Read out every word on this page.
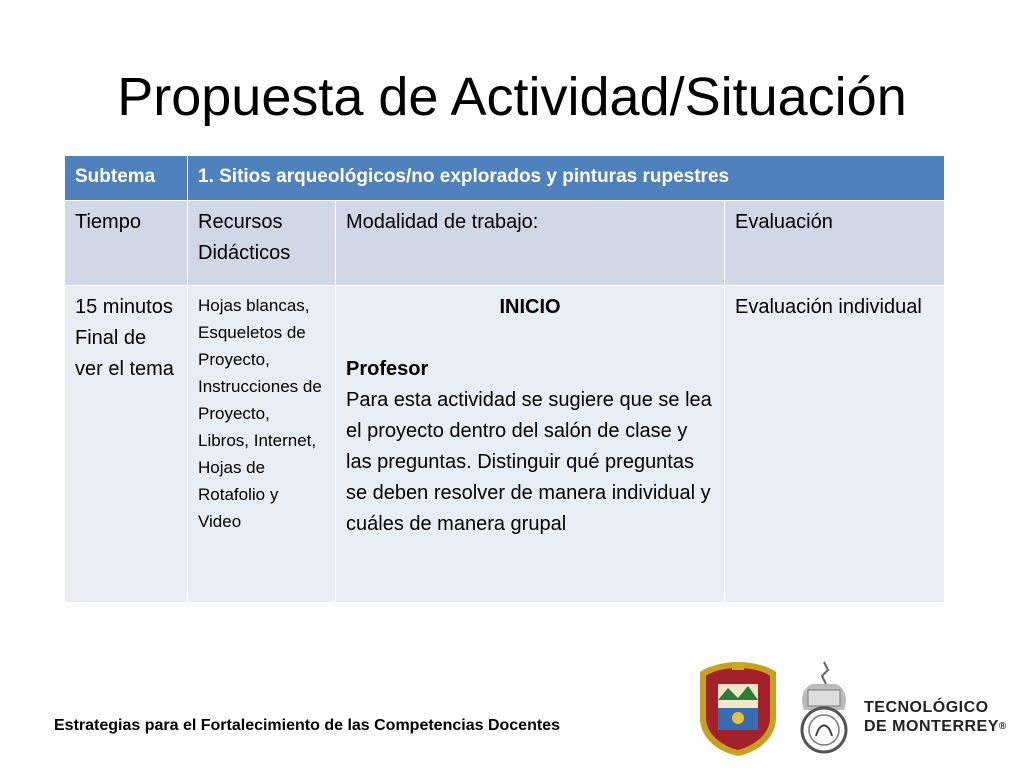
Propuesta de Actividad/Situación
Subtema	1. Sitios arqueológicos/no explorados y pinturas rupestres		
Tiempo	Recursos Didácticos	Modalidad de trabajo:	Evaluación
15 minutos Final de ver el tema	Hojas blancas, Esqueletos de Proyecto, Instrucciones de Proyecto, Libros, Internet, Hojas de Rotafolio y Video	INICIO
Profesor
Para esta actividad se sugiere que se lea el proyecto dentro del salón de clase y las preguntas. Distinguir qué preguntas se deben resolver de manera individual y cuáles de manera grupal	Evaluación individual
Estrategias para el Fortalecimiento de las Competencias Docentes
TECNOLÓGICO
DE MONTERREY®
